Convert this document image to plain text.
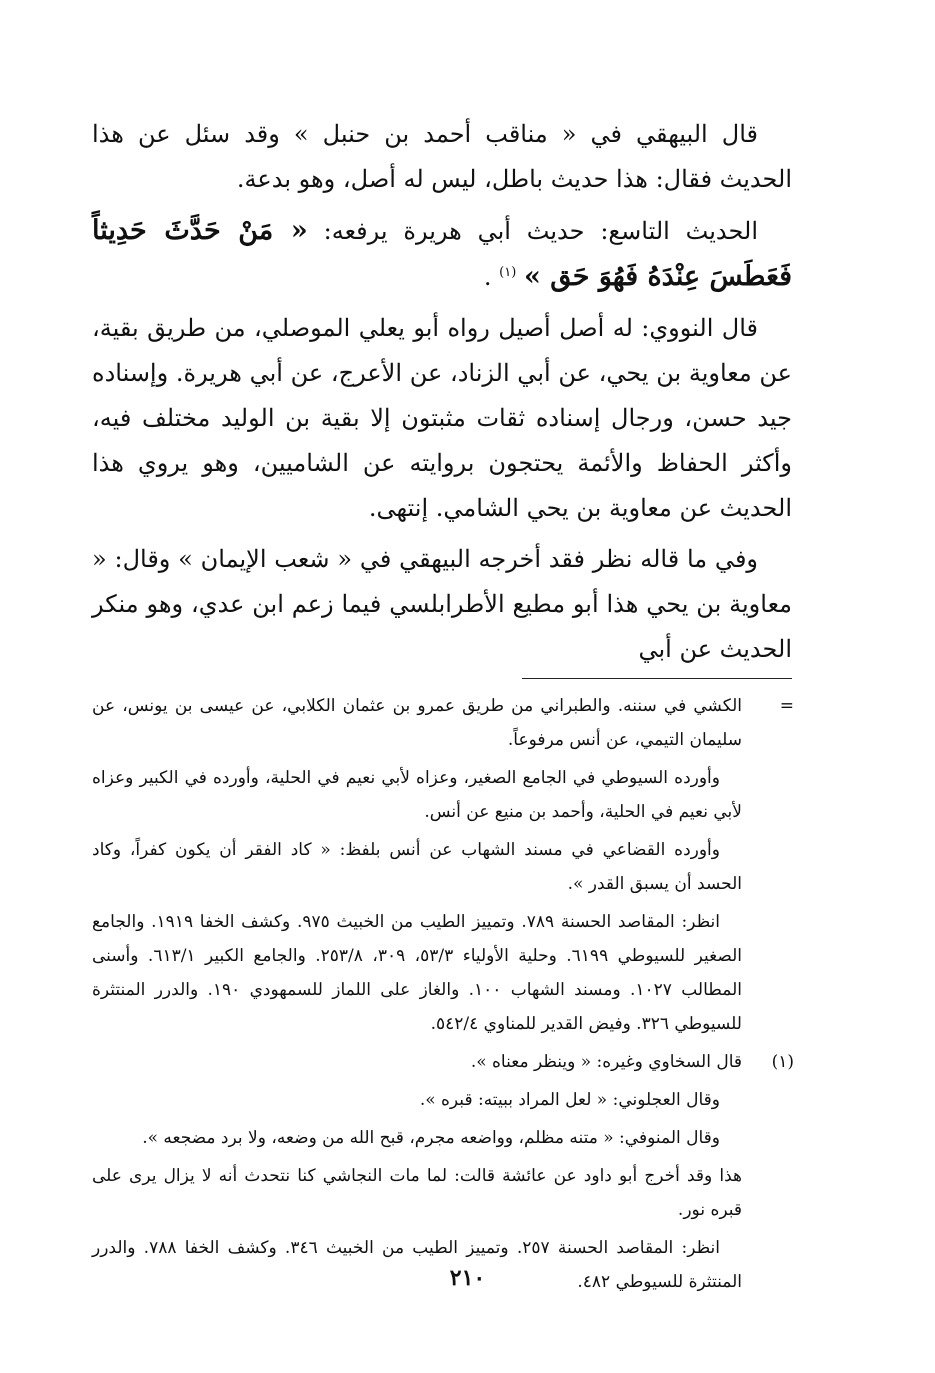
قال البيهقي في « مناقب أحمد بن حنبل » وقد سئل عن هذا الحديث فقال: هذا حديث باطل، ليس له أصل، وهو بدعة.

الحديث التاسع: حديث أبي هريرة يرفعه: « مَنْ حَدَّثَ حَدِيثاً فَعَطَسَ عِنْدَهُ فَهُوَ حَق » $^{(١)}$ .

قال النووي: له أصل أصيل رواه أبو يعلي الموصلي، من طريق بقية، عن معاوية بن يحي، عن أبي الزناد، عن الأعرج، عن أبي هريرة. وإسناده جيد حسن، ورجال إسناده ثقات مثبتون إلا بقية بن الوليد مختلف فيه، وأكثر الحفاظ والأئمة يحتجون بروايته عن الشاميين، وهو يروي هذا الحديث عن معاوية بن يحي الشامي. إنتهى.

وفي ما قاله نظر فقد أخرجه البيهقي في « شعب الإيمان » وقال: « معاوية بن يحي هذا أبو مطيع الأطرابلسي فيما زعم ابن عدي، وهو منكر الحديث عن أبي

=

الكشي في سننه. والطبراني من طريق عمرو بن عثمان الكلابي، عن عيسى بن يونس، عن سليمان التيمي، عن أنس مرفوعاً.

وأورده السيوطي في الجامع الصغير، وعزاه لأبي نعيم في الحلية، وأورده في الكبير وعزاه لأبي نعيم في الحلية، وأحمد بن منيع عن أنس.

وأورده القضاعي في مسند الشهاب عن أنس بلفظ: « كاد الفقر أن يكون كفراً، وكاد الحسد أن يسبق القدر ».

انظر: المقاصد الحسنة ٧٨٩. وتمييز الطيب من الخبيث ٩٧٥. وكشف الخفا ١٩١٩. والجامع الصغير للسيوطي ٦١٩٩. وحلية الأولياء ٥٣/٣، ٣٠٩، ٢٥٣/٨. والجامع الكبير ٦١٣/١. وأسنى المطالب ١٠٢٧. ومسند الشهاب ١٠٠. والغاز على اللماز للسمهودي ١٩٠. والدرر المنتثرة للسيوطي ٣٢٦. وفيض القدير للمناوي ٥٤٢/٤.

(١)

قال السخاوي وغيره: « وينظر معناه ».

وقال العجلوني: « لعل المراد ببيته: قبره ».

وقال المنوفي: « متنه مظلم، وواضعه مجرم، قبح الله من وضعه، ولا برد مضجعه ».

هذا وقد أخرج أبو داود عن عائشة قالت: لما مات النجاشي كنا نتحدث أنه لا يزال يرى على قبره نور.

انظر: المقاصد الحسنة ٢٥٧. وتمييز الطيب من الخبيث ٣٤٦. وكشف الخفا ٧٨٨. والدرر المنتثرة للسيوطي ٤٨٢.

٢١٠
